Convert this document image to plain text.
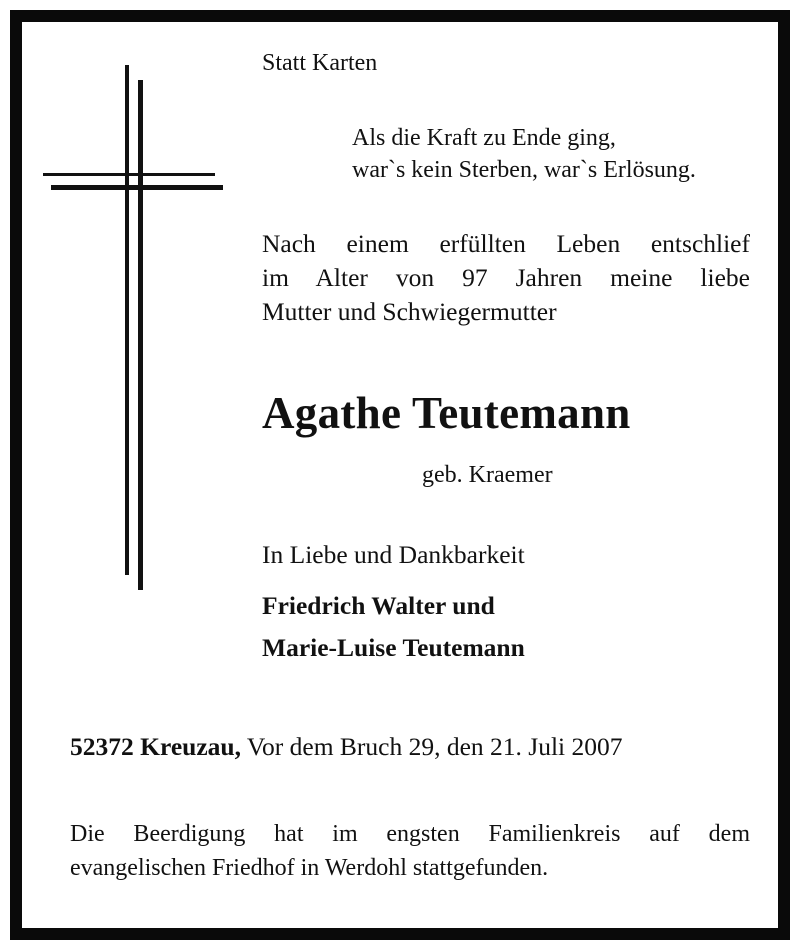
Statt Karten
Als die Kraft zu Ende ging,
war`s kein Sterben, war`s Erlösung.
Nach einem erfüllten Leben entschlief
im Alter von 97 Jahren meine liebe
Mutter und Schwiegermutter
Agathe Teutemann
geb. Kraemer
In Liebe und Dankbarkeit
Friedrich Walter und
Marie-Luise Teutemann
52372 Kreuzau, Vor dem Bruch 29, den 21. Juli 2007
Die Beerdigung hat im engsten Familienkreis auf dem
evangelischen Friedhof in Werdohl stattgefunden.
